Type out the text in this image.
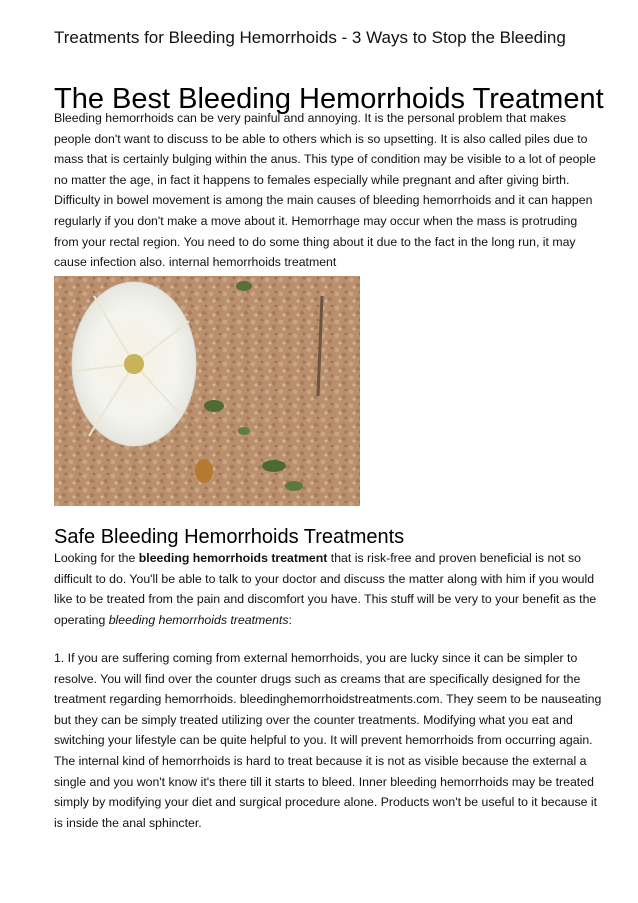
Treatments for Bleeding Hemorrhoids - 3 Ways to Stop the Bleeding
The Best Bleeding Hemorrhoids Treatment
Bleeding hemorrhoids can be very painful and annoying. It is the personal problem that makes people don't want to discuss to be able to others which is so upsetting. It is also called piles due to mass that is certainly bulging within the anus. This type of condition may be visible to a lot of people no matter the age, in fact it happens to females especially while pregnant and after giving birth. Difficulty in bowel movement is among the main causes of bleeding hemorrhoids and it can happen regularly if you don't make a move about it. Hemorrhage may occur when the mass is protruding from your rectal region. You need to do some thing about it due to the fact in the long run, it may cause infection also. internal hemorrhoids treatment
Safe Bleeding Hemorrhoids Treatments
Looking for the bleeding hemorrhoids treatment that is risk-free and proven beneficial is not so difficult to do. You'll be able to talk to your doctor and discuss the matter along with him if you would like to be treated from the pain and discomfort you have. This stuff will be very to your benefit as the operating bleeding hemorrhoids treatments:
1. If you are suffering coming from external hemorrhoids, you are lucky since it can be simpler to resolve. You will find over the counter drugs such as creams that are specifically designed for the treatment regarding hemorrhoids. bleedinghemorrhoidstreatments.com. They seem to be nauseating but they can be simply treated utilizing over the counter treatments. Modifying what you eat and switching your lifestyle can be quite helpful to you. It will prevent hemorrhoids from occurring again. The internal kind of hemorrhoids is hard to treat because it is not as visible because the external a single and you won't know it's there till it starts to bleed. Inner bleeding hemorrhoids may be treated simply by modifying your diet and surgical procedure alone. Products won't be useful to it because it is inside the anal sphincter.
